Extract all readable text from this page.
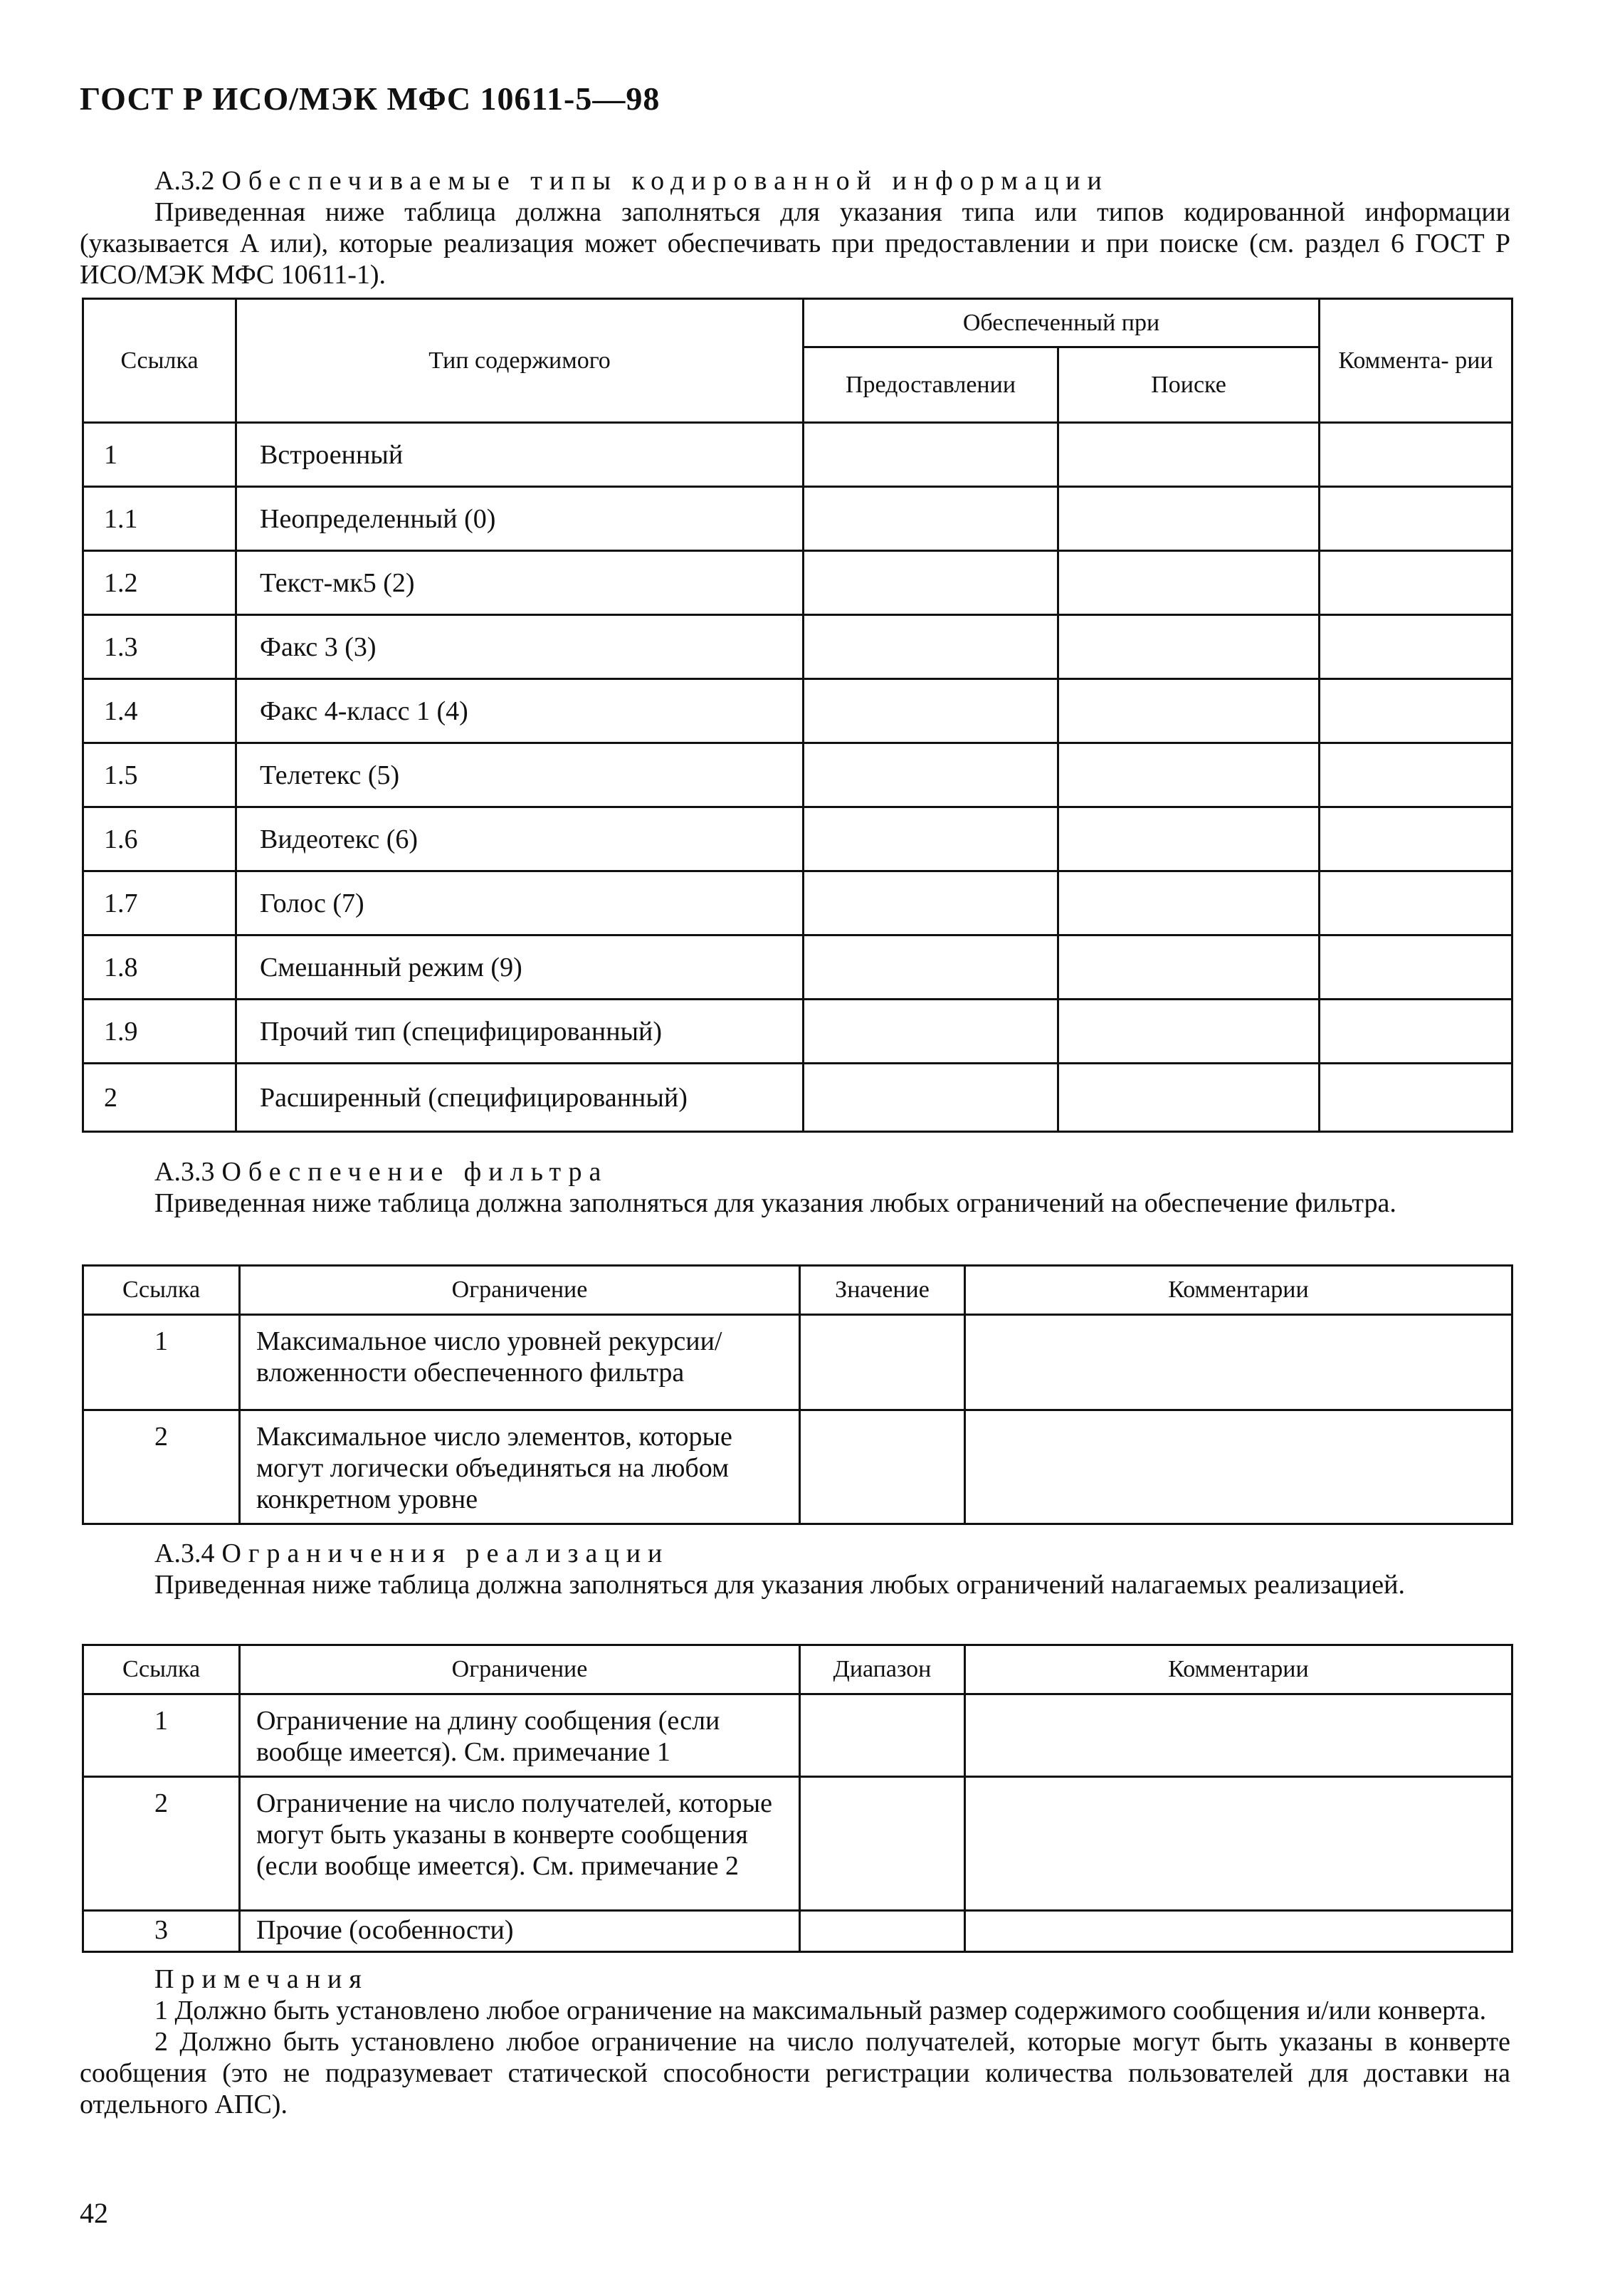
ГОСТ Р ИСО/МЭК МФС 10611-5—98
А.3.2 Обеспечиваемые типы кодированной информации
Приведенная ниже таблица должна заполняться для указания типа или типов кодированной информации (указывается А или), которые реализация может обеспечивать при предоставлении и при поиске (см. раздел 6 ГОСТ Р ИСО/МЭК МФС 10611-1).
Ссылка	Тип содержимого	Обеспеченный при		Коммента- рии
		Предоставлении	Поиске	
1	Встроенный			
1.1	Неопределенный (0)			
1.2	Текст-мк5 (2)			
1.3	Факс 3 (3)			
1.4	Факс 4-класс 1 (4)			
1.5	Телетекс (5)			
1.6	Видеотекс (6)			
1.7	Голос (7)			
1.8	Смешанный режим (9)			
1.9	Прочий тип (специфицированный)			
2	Расширенный (специфицированный)			
А.3.3 Обеспечение фильтра
Приведенная ниже таблица должна заполняться для указания любых ограничений на обеспечение фильтра.
Ссылка	Ограничение	Значение	Комментарии
1	Максимальное число уровней рекурсии/ вложенности обеспеченного фильтра		
2	Максимальное число элементов, которые могут логически объединяться на любом конкретном уровне		
А.3.4 Ограничения реализации
Приведенная ниже таблица должна заполняться для указания любых ограничений налагаемых реализацией.
Ссылка	Ограничение	Диапазон	Комментарии
1	Ограничение на длину сообщения (если вообще имеется). См. примечание 1		
2	Ограничение на число получателей, которые могут быть указаны в конверте сообщения (если вообще имеется). См. примечание 2		
3	Прочие (особенности)		
Примечания
1 Должно быть установлено любое ограничение на максимальный размер содержимого сообщения и/или конверта.
2 Должно быть установлено любое ограничение на число получателей, которые могут быть указаны в конверте сообщения (это не подразумевает статической способности регистрации количества пользователей для доставки на отдельного АПС).
42
